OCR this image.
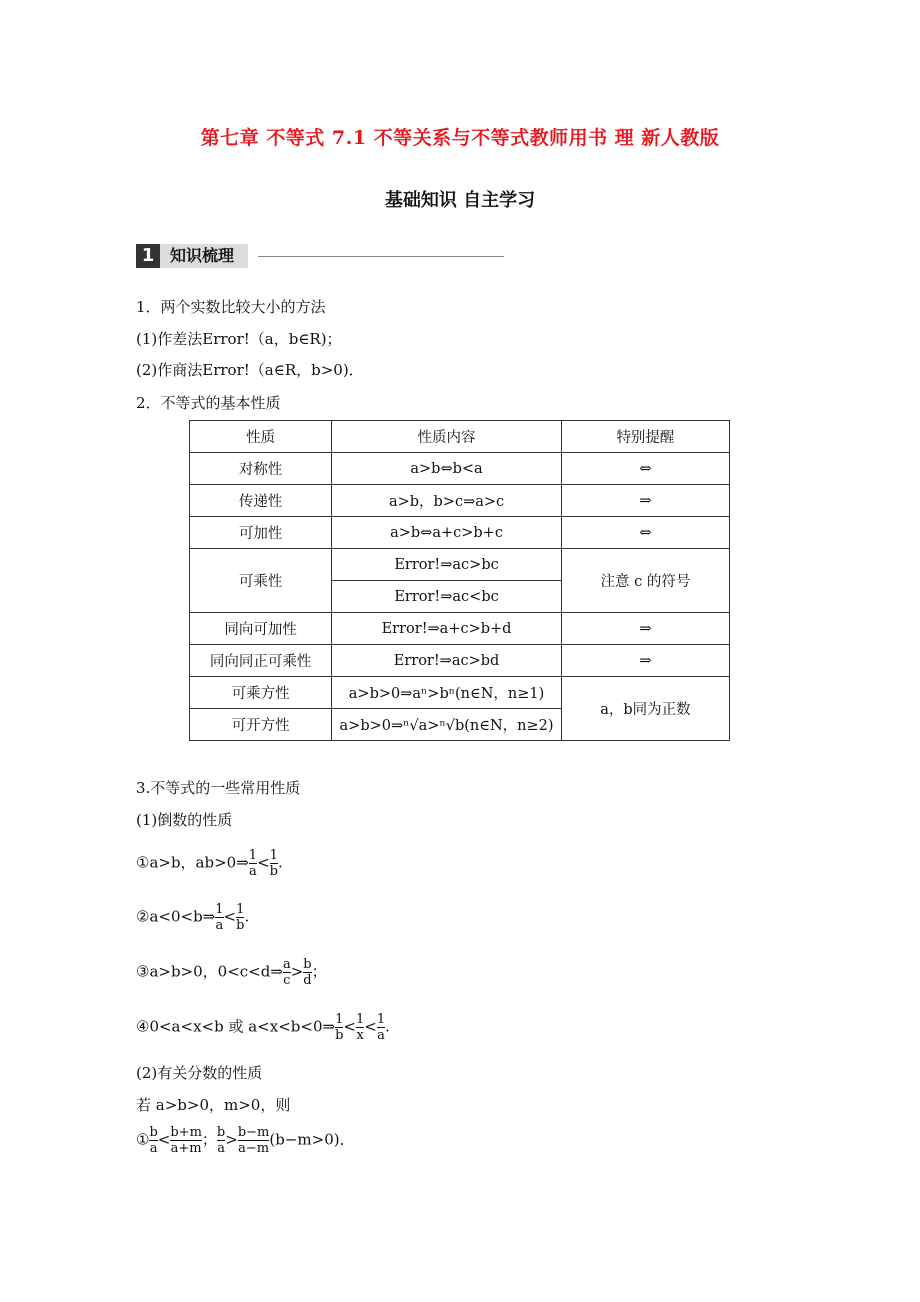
第七章 不等式 7.1 不等关系与不等式教师用书 理 新人教版
基础知识 自主学习
1 知识梳理
1．两个实数比较大小的方法
(1)作差法Error!（a，b∈R)；
(2)作商法Error!（a∈R，b>0)．
2．不等式的基本性质
性质	性质内容	特别提醒
对称性	a>b⇔b<a	⇔
传递性	a>b，b>c⇒a>c	⇒
可加性	a>b⇔a+c>b+c	⇔
可乘性	Error!⇒ac>bc	注意 c 的符号
	Error!⇒ac<bc	
同向可加性	Error!⇒a+c>b+d	⇒
同向同正可乘性	Error!⇒ac>bd	⇒
可乘方性	a>b>0⇒aⁿ>bⁿ(n∈N，n≥1)	a，b同为正数
可开方性	a>b>0⇒ⁿ√a>ⁿ√b(n∈N，n≥2)	
3.不等式的一些常用性质
(1)倒数的性质
①a>b，ab>0⇒ $\frac{1}{a} < \frac{1}{b}$ .
②a<0<b⇒ $\frac{1}{a} < \frac{1}{b}$ .
③a>b>0，0<c<d⇒ $\frac{a}{c} > \frac{b}{d}$ ；
④0<a<x<b 或 a<x<b<0⇒ $\frac{1}{b} < \frac{1}{x} < \frac{1}{a}$ .
(2)有关分数的性质
若 a>b>0，m>0，则
① $\frac{b}{a} < \frac{b+m}{a+m}$ ； $\frac{b}{a} > \frac{b-m}{a-m} (b-m>0)$．
